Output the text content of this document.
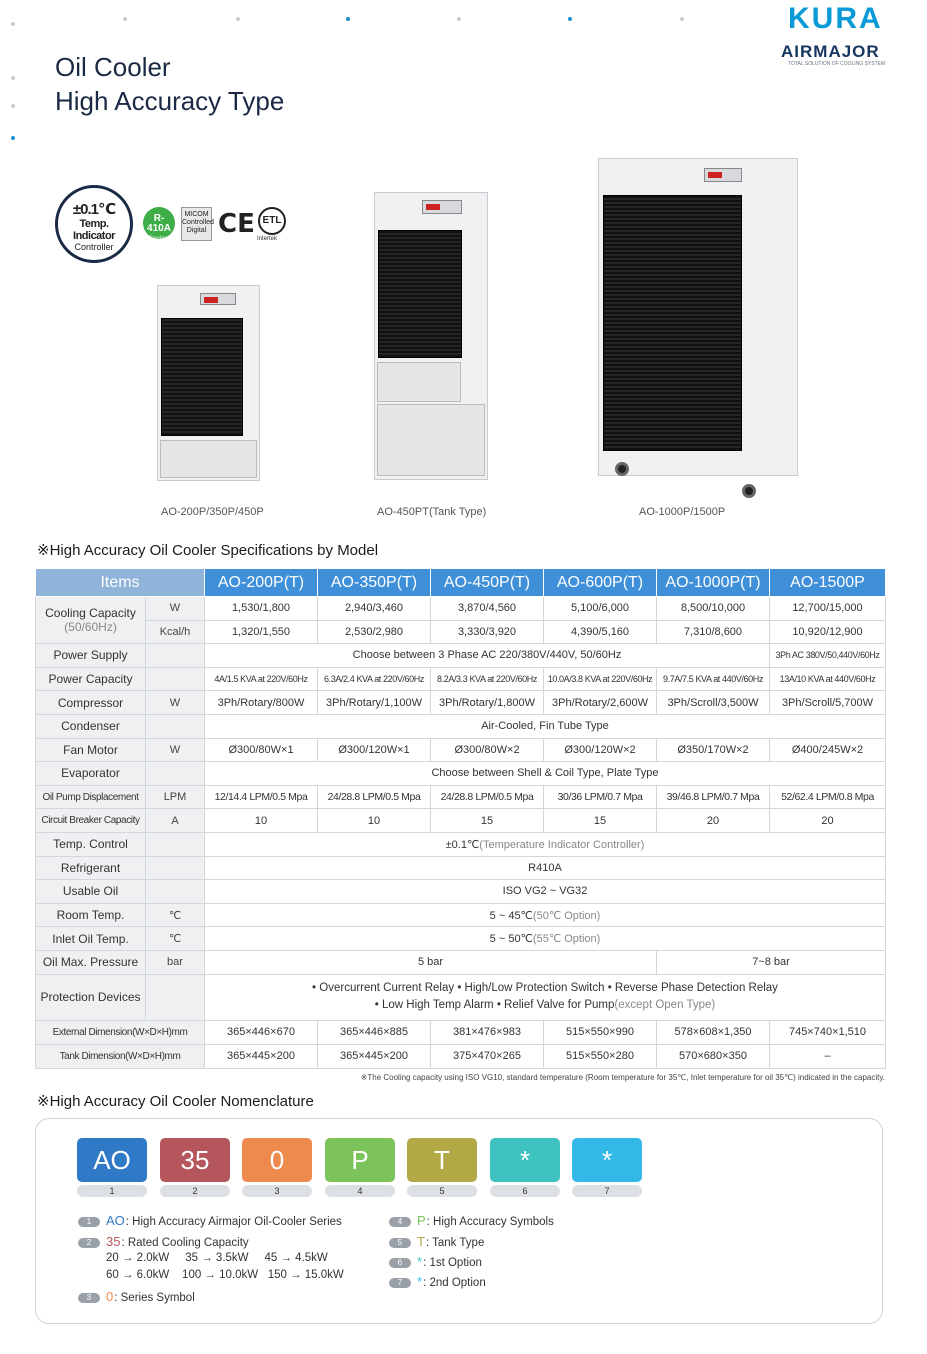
Oil Cooler
High Accuracy Type
KURA
AIRMAJOR
TOTAL SOLUTION OF COOLING SYSTEM
±0.1℃
Temp. Indicator
Controller
R-410A
Coolant
MICOM
Controlled
Digital CE ETL
Intertek
AO-200P/350P/450P	AO-450PT(Tank Type)	AO-1000P/1500P
※High Accuracy Oil Cooler Specifications by Model
Items		AO-200P(T)	AO-350P(T)	AO-450P(T)	AO-600P(T)	AO-1000P(T)	AO-1500P

Cooling Capacity
(50/60Hz)	W	1,530/1,800	2,940/3,460	3,870/4,560	5,100/6,000	8,500/10,000	12,700/15,000
	Kcal/h	1,320/1,550	2,530/2,980	3,330/3,920	4,390/5,160	7,310/8,600	10,920/12,900
Power Supply		Choose between 3 Phase AC 220/380V/440V, 50/60Hz					3Ph AC 380V/50,440V/60Hz
Power Capacity		4A/1.5 KVA at 220V/60Hz	6.3A/2.4 KVA at 220V/60Hz	8.2A/3.3 KVA at 220V/60Hz	10.0A/3.8 KVA at 220V/60Hz	9.7A/7.5 KVA at 440V/60Hz	13A/10 KVA at 440V/60Hz
Compressor	W	3Ph/Rotary/800W	3Ph/Rotary/1,100W	3Ph/Rotary/1,800W	3Ph/Rotary/2,600W	3Ph/Scroll/3,500W	3Ph/Scroll/5,700W
Condenser		Air-Cooled, Fin Tube Type					
Fan Motor	W	Ø300/80W×1	Ø300/120W×1	Ø300/80W×2	Ø300/120W×2	Ø350/170W×2	Ø400/245W×2
Evaporator		Choose between Shell & Coil Type, Plate Type					
Oil Pump Displacement	LPM	12/14.4 LPM/0.5 Mpa	24/28.8 LPM/0.5 Mpa	24/28.8 LPM/0.5 Mpa	30/36 LPM/0.7 Mpa	39/46.8 LPM/0.7 Mpa	52/62.4 LPM/0.8 Mpa
Circuit Breaker Capacity	A	10	10	15	15	20	20
Temp. Control		±0.1℃(Temperature Indicator Controller)					
Refrigerant		R410A					
Usable Oil		ISO VG2 ~ VG32					
Room Temp.	℃	5 ~ 45℃(50℃ Option)					
Inlet Oil Temp.	℃	5 ~ 50℃(55℃ Option)					
Oil Max. Pressure	bar	5 bar				7~8 bar	
Protection Devices		• Overcurrent Current Relay • High/Low Protection Switch • Reverse Phase Detection Relay
• Low High Temp Alarm • Relief Valve for Pump(except Open Type)					

External Dimension(W×D×H)mm		365×446×670	365×446×885	381×476×983	515×550×990	578×608×1,350	745×740×1,510
Tank Dimension(W×D×H)mm		365×445×200	365×445×200	375×470×265	515×550×280	570×680×350	–
※The Cooling capacity using ISO VG10, standard temperature (Room temperature for 35℃, Inlet temperature for oil 35℃) indicated in the capacity.
※High Accuracy Oil Cooler Nomenclature
AO
1
35
2
0
3
P
4
T
5
*
6
*
7
1 AO: High Accuracy Airmajor Oil-Cooler Series
2 35: Rated Cooling Capacity
20 → 2.0kW     35 → 3.5kW     45 → 4.5kW
60 → 6.0kW    100 → 10.0kW   150 → 15.0kW
3 0: Series Symbol
4 P: High Accuracy Symbols
5 T: Tank Type
6 *: 1st Option
7 *: 2nd Option
